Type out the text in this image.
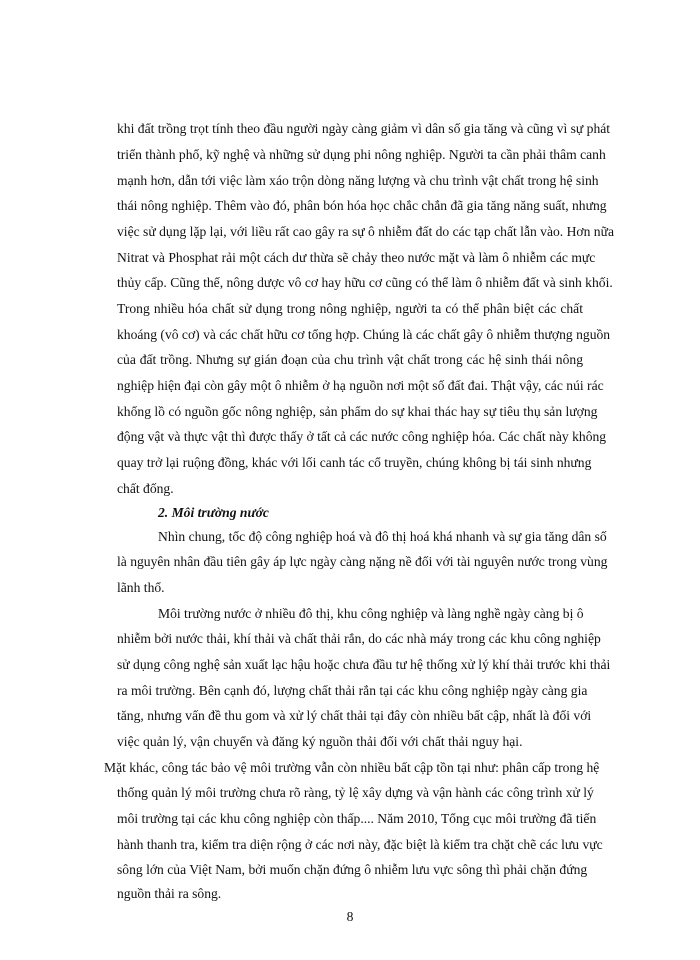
khi đất trồng trọt tính theo đầu người ngày càng giảm vì dân số gia tăng và cũng vì sự phát
triển thành phố, kỹ nghệ và những sử dụng phi nông nghiệp. Người ta cần phải thâm canh
mạnh hơn, dẫn tới việc làm xáo trộn dòng năng lượng và chu trình vật chất trong hệ sinh
thái nông nghiệp. Thêm vào đó, phân bón hóa học chắc chắn đã gia tăng năng suất, nhưng
việc sử dụng lặp lại, với liều rất cao gây ra sự ô nhiễm đất do các tạp chất lẫn vào. Hơn nữa
Nitrat và Phosphat rải một cách dư thừa sẽ chảy theo nước mặt và làm ô nhiễm các mực
thủy cấp. Cũng thế, nông dược vô cơ hay hữu cơ cũng có thể làm ô nhiễm đất và sinh khối.
Trong nhiều hóa chất sử dụng trong nông nghiệp, người ta có thể phân biệt các chất
khoáng (vô cơ) và các chất hữu cơ tổng hợp. Chúng là các chất gây ô nhiễm thượng nguồn
của đất trồng. Nhưng sự gián đoạn của chu trình vật chất trong các hệ sinh thái nông
nghiệp hiện đại còn gây một ô nhiễm ở hạ nguồn nơi một số đất đai. Thật vậy, các núi rác
khổng lồ có nguồn gốc nông nghiệp, sản phẩm do sự khai thác hay sự tiêu thụ sản lượng
động vật và thực vật thì được thấy ở tất cả các nước công nghiệp hóa. Các chất này không
quay trở lại ruộng đồng, khác với lối canh tác cổ truyền, chúng không bị tái sinh nhưng
chất đống.
2. Môi trường nước
Nhìn chung, tốc độ công nghiệp hoá và đô thị hoá khá nhanh và sự gia tăng dân số
là nguyên nhân đầu tiên gây áp lực ngày càng nặng nề đối với tài nguyên nước trong vùng
lãnh thổ.
Môi trường nước ở nhiều đô thị, khu công nghiệp và làng nghề ngày càng bị ô
nhiễm bởi nước thải, khí thải và chất thải rắn, do các nhà máy trong các khu công nghiệp
sử dụng công nghệ sản xuất lạc hậu hoặc chưa đầu tư hệ thống xử lý khí thải trước khi thải
ra môi trường. Bên cạnh đó, lượng chất thải rắn tại các khu công nghiệp ngày càng gia
tăng, nhưng vấn đề thu gom và xử lý chất thải tại đây còn nhiều bất cập, nhất là đối với
việc quản lý, vận chuyển và đăng ký nguồn thải đối với chất thải nguy hại.
Mặt khác, công tác bảo vệ môi trường vẫn còn nhiều bất cập tồn tại như: phân cấp trong hệ
thống quản lý môi trường chưa rõ ràng, tỷ lệ xây dựng và vận hành các công trình xử lý
môi trường tại các khu công nghiệp còn thấp.... Năm 2010, Tổng cục môi trường đã tiến
hành thanh tra, kiểm tra diện rộng ở các nơi này, đặc biệt là kiểm tra chặt chẽ các lưu vực
sông lớn của Việt Nam, bởi muốn chặn đứng ô nhiễm lưu vực sông thì phải chặn đứng
nguồn thải ra sông.
8
